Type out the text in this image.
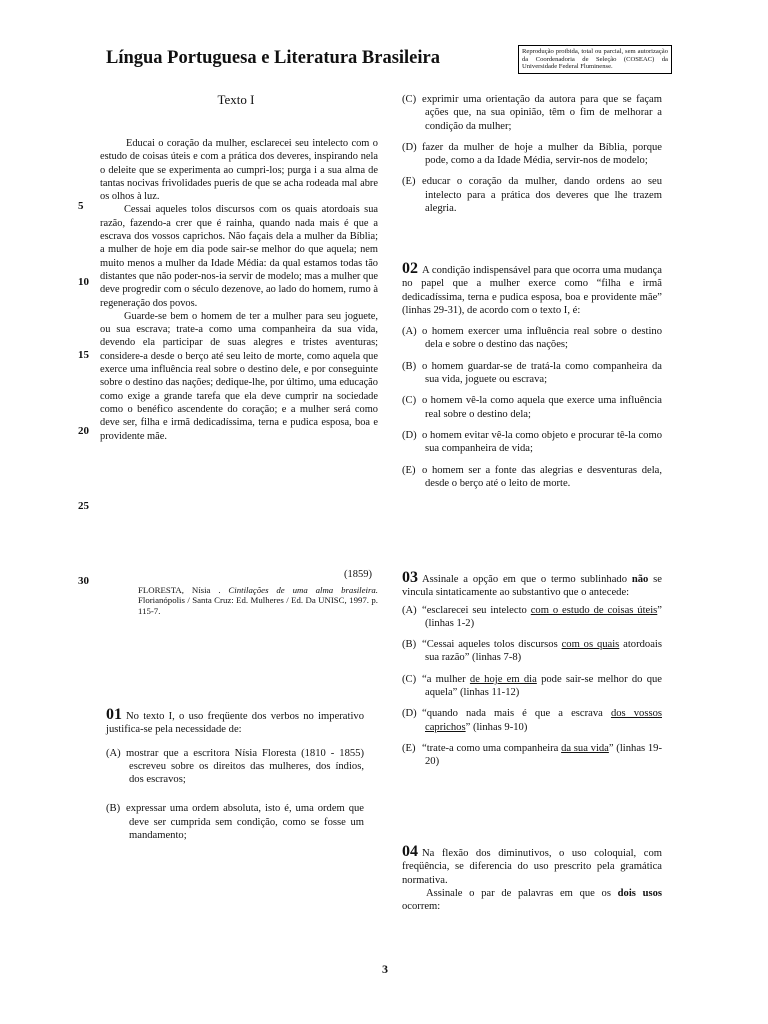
Língua Portuguesa e Literatura Brasileira	Reprodução proibida, total ou parcial, sem autorização da Coordenadoria de Seleção (COSEAC) da Universidade Federal Fluminense.
Texto I

Educai o coração da mulher, esclarecei seu intelecto com o estudo de coisas úteis e com a prática dos deveres, inspirando nela o deleite que se experimenta ao cumpri-los; purga i a sua alma de tantas nocivas frivolidades pueris de que se acha rodeada mal abre os olhos à luz.

Cessai aqueles tolos discursos com os quais atordoais sua razão, fazendo-a crer que é rainha, quando nada mais é que a escrava dos vossos caprichos. Não façais dela a mulher da Bíblia; a mulher de hoje em dia pode sair-se melhor do que aquela; nem muito menos a mulher da Idade Média: da qual estamos todas tão distantes que não poder-nos-ia servir de modelo; mas a mulher que deve progredir com o século dezenove, ao lado do homem, rumo à regeneração dos povos.

Guarde-se bem o homem de ter a mulher para seu joguete, ou sua escrava; trate-a como uma companheira da sua vida, devendo ela participar de suas alegres e tristes aventuras; considere-a desde o berço até seu leito de morte, como aquela que exerce uma influência real sobre o destino dele, e por conseguinte sobre o destino das nações; dedique-lhe, por último, uma educação como exige a grande tarefa que ela deve cumprir na sociedade como o benéfico ascendente do coração; e a mulher será como deve ser, filha e irmã dedicadíssima, terna e pudica esposa, boa e providente mãe.

5
10
15
20
25
30
(1859)
FLORESTA, Nísia . Cintilações de uma alma brasileira. Florianópolis / Santa Cruz: Ed. Mulheres / Ed. Da UNISC, 1997. p. 115-7.
01 No texto I, o uso freqüente dos verbos no imperativo justifica-se pela necessidade de:

(A) mostrar que a escritora Nísia Floresta (1810 - 1855) escreveu sobre os direitos das mulheres, dos índios, dos escravos;

(B) expressar uma ordem absoluta, isto é, uma ordem que deve ser cumprida sem condição, como se fosse um mandamento;

(C) exprimir uma orientação da autora para que se façam ações que, na sua opinião, têm o fim de melhorar a condição da mulher;

(D) fazer da mulher de hoje a mulher da Bíblia, porque pode, como a da Idade Média, servir-nos de modelo;

(E) educar o coração da mulher, dando ordens ao seu intelecto para a prática dos deveres que lhe trazem alegria.

02 A condição indispensável para que ocorra uma mudança no papel que a mulher exerce como “filha e irmã dedicadíssima, terna e pudica esposa, boa e providente mãe” (linhas 29-31), de acordo com o texto I, é:

(A) o homem exercer uma influência real sobre o destino dela e sobre o destino das nações;

(B) o homem guardar-se de tratá-la como companheira da sua vida, joguete ou escrava;

(C) o homem vê-la como aquela que exerce uma influência real sobre o destino dela;

(D) o homem evitar vê-la como objeto e procurar tê-la como sua companheira de vida;

(E) o homem ser a fonte das alegrias e desventuras dela, desde o berço até o leito de morte.

03 Assinale a opção em que o termo sublinhado não se vincula sintaticamente ao substantivo que o antecede:

(A) “esclarecei seu intelecto com o estudo de coisas úteis” (linhas 1-2)

(B) “Cessai aqueles tolos discursos com os quais atordoais sua razão” (linhas 7-8)

(C) “a mulher de hoje em dia pode sair-se melhor do que aquela” (linhas 11-12)

(D) “quando nada mais é que a escrava dos vossos caprichos” (linhas 9-10)

(E) “trate-a como uma companheira da sua vida” (linhas 19-20)

04 Na flexão dos diminutivos, o uso coloquial, com freqüência, se diferencia do uso prescrito pela gramática normativa.
Assinale o par de palavras em que os dois usos ocorrem:
3
